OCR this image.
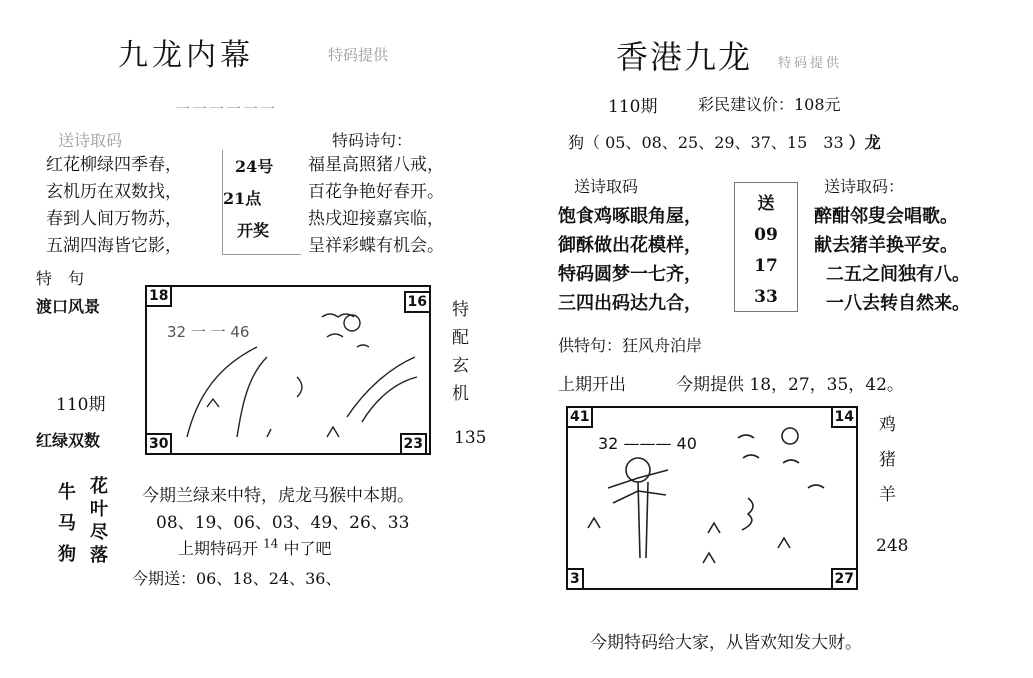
九龙内幕	特码提供
一一一一一一
送诗取码	特码诗句：
红花柳绿四季春，
玄机历在双数找，
春到人间万物苏，
五湖四海皆它影，
24号
21点
开奖
福星高照猪八戒，
百花争艳好春开。
热戌迎接嘉宾临，
呈祥彩蝶有机会。
特　句
渡口风景
110期
红绿双数
32 一 一 46
18	16
30	23
特
配
玄
机
135
牛
马
狗
花
叶
尽
落
今期兰绿来中特，虎龙马猴中本期。
08、19、06、03、49、26、33
上期特码开 $^{14}$ 中了吧
今期送：06、18、24、36、
香港九龙 特码提供
110期	彩民建议价：108元
狗（ 05、08、25、29、37、15　33 ）龙
送诗取码	送诗取码：
饱食鸡啄眼角屋，
御酥做出花模样，
特码圆梦一七齐，
三四出码达九合，
送
09
17
33
醉酣邻叟会唱歌。
献去猪羊换平安。
二五之间独有八。
一八去转自然来。
供特句：狂风舟泊岸
上期开出	今期提供 18，27，35，42。
32 ——— 40
41	14
3	27
鸡
猪
羊
248
今期特码给大家，从皆欢知发大财。
